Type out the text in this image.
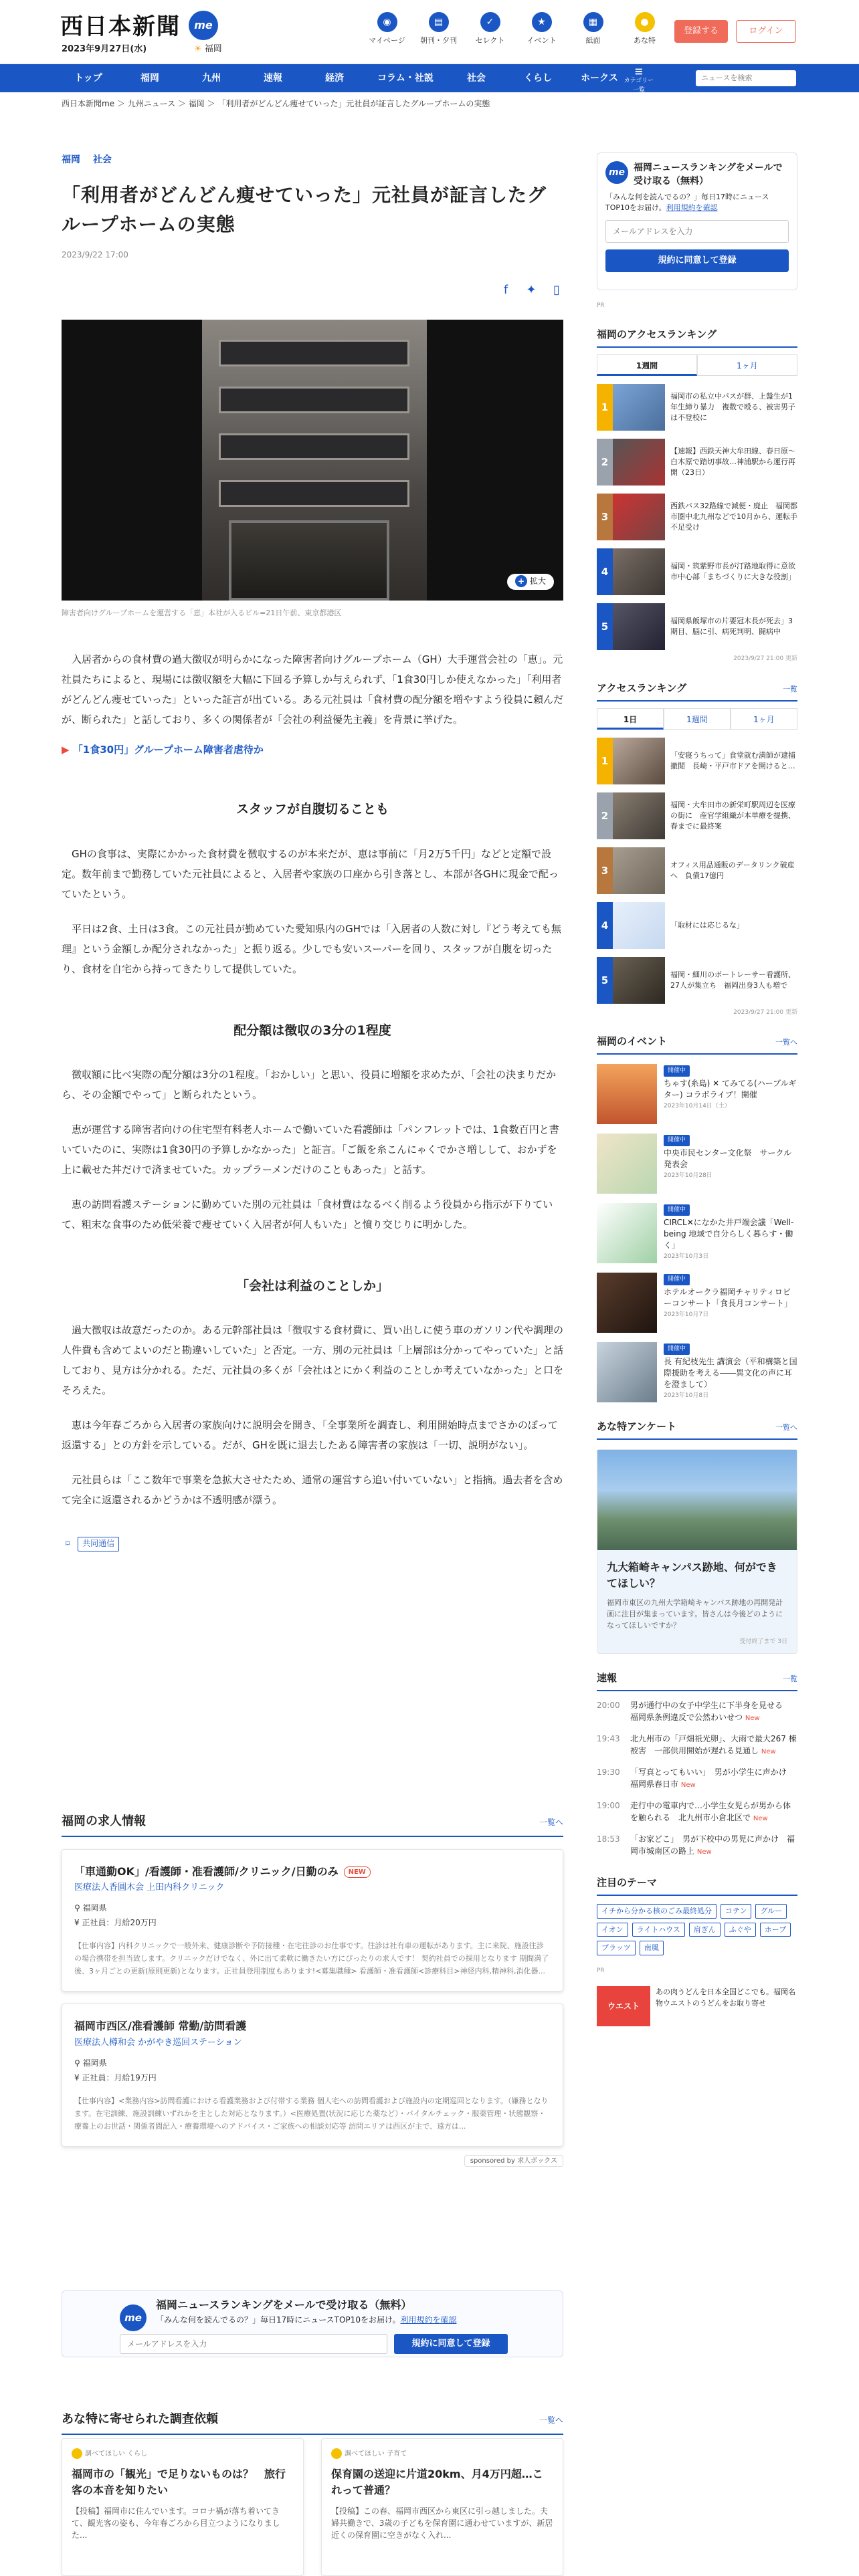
西日本新聞	me
2023年9月27日(水)	☀ 福岡
◉
マイページ
▤
朝刊・夕刊
✓
セレクト
★
イベント
▦
紙面
●
あな特
登録する	ログイン
トップ	福岡	九州	速報	経済	コラム・社説	社会	くらし	ホークス
≡
カテゴリー一覧
ニュースを検索
西日本新聞me ＞ 九州ニュース ＞ 福岡 ＞ 「利用者がどんどん痩せていった」元社員が証言したグループホームの実態
福岡 社会
「利用者がどんどん痩せていった」元社員が証言したグループホームの実態
2023/9/22 17:00
f	✦ ▯
+ 拡大
障害者向けグループホームを運営する「恵」本社が入るビル=21日午前、東京都港区

入居者からの食材費の過大徴収が明らかになった障害者向けグループホーム（GH）大手運営会社の「恵」。元社員たちによると、現場には徴収額を大幅に下回る予算しか与えられず、「1食30円しか使えなかった」「利用者がどんどん痩せていった」といった証言が出ている。ある元社員は「食材費の配分額を増やすよう役員に頼んだが、断られた」と話しており、多くの関係者が「会社の利益優先主義」を背景に挙げた。

▶ 「1食30円」グループホーム障害者虐待か
スタッフが自腹切ることも

GHの食事は、実際にかかった食材費を徴収するのが本来だが、恵は事前に「月2万5千円」などと定額で設定。数年前まで勤務していた元社員によると、入居者や家族の口座から引き落とし、本部が各GHに現金で配っていたという。

平日は2食、土日は3食。この元社員が勤めていた愛知県内のGHでは「入居者の人数に対し『どう考えても無理』という金額しか配分されなかった」と振り返る。少しでも安いスーパーを回り、スタッフが自腹を切ったり、食材を自宅から持ってきたりして提供していた。

配分額は徴収の3分の1程度

徴収額に比べ実際の配分額は3分の1程度。「おかしい」と思い、役員に増額を求めたが、「会社の決まりだから、その金額でやって」と断られたという。

恵が運営する障害者向けの住宅型有料老人ホームで働いていた看護師は「パンフレットでは、1食数百円と書いていたのに、実際は1食30円の予算しかなかった」と証言。「ご飯を糸こんにゃくでかさ増しして、おかずを上に載せた丼だけで済ませていた。カップラーメンだけのこともあった」と話す。

恵の訪問看護ステーションに勤めていた別の元社員は「食材費はなるべく削るよう役員から指示が下りていて、粗末な食事のため低栄養で痩せていく入居者が何人もいた」と憤り交じりに明かした。

「会社は利益のことしか」

過大徴収は故意だったのか。ある元幹部社員は「徴収する食材費に、買い出しに使う車のガソリン代や調理の人件費も含めてよいのだと勘違いしていた」と否定。一方、別の元社員は「上層部は分かってやっていた」と話しており、見方は分かれる。ただ、元社員の多くが「会社はとにかく利益のことしか考えていなかった」と口をそろえた。

恵は今年春ごろから入居者の家族向けに説明会を開き、「全事業所を調査し、利用開始時点までさかのぼって返還する」との方針を示している。だが、GHを既に退去したある障害者の家族は「一切、説明がない」。

元社員らは「ここ数年で事業を急拡大させたため、通常の運営すら追い付いていない」と指摘。過去者を含めて完全に返還されるかどうかは不透明感が漂う。

⌑ 共同通信
福岡の求人情報	一覧へ
「車通勤OK」/看護師・准看護師/クリニック/日勤のみ NEW
医療法人香圓木会 上田内科クリニック
⚲ 福岡県
¥ 正社員：月給20万円
【仕事内容】内科クリニックで一般外来、健康診断や予防接種・在宅往診のお仕事です。往診は社有車の運転があります。主に来院、施設往診の場合携帯を担当致します。クリニックだけでなく、外に出て柔軟に働きたい方にぴったりの求人です！ 契約社員での採用となります 期間満了後、3ヶ月ごとの更新(原則更新)となります。正社員登用制度もあります!<募集職種> 看護師・准看護師<診療科目>神経内科,精神科,消化器...
福岡市西区/准看護師 常勤/訪問看護
医療法人樽和会 かがやき巡回ステーション
⚲ 福岡県
¥ 正社員：月給19万円
【仕事内容】<業務内容>訪問看護における看護業務および付帯する業務 個人宅への訪問看護および施設内の定期巡回となります。（嫌務となります。在宅訓練、施設訓練いずれかを主とした対応となります。）<医療処置(状況に応じた薬など）・バイタルチェック・服薬管理・状態観察・療養上のお世話・関係者間記入・療養環境へのアドバイス・ご家族への相談対応等 訪問エリアは西区が主で、遠方は...
sponsored by 求人ボックス
me
福岡ニュースランキングをメールで受け取る（無料）
「みんな何を読んでるの？」毎日17時にニュースTOP10をお届け。利用規約を確認
メールアドレスを入力
規約に同意して登録
あな特に寄せられた調査依頼	一覧へ
調べてほしい くらし
福岡市の「観光」で足りないものは？　旅行客の本音を知りたい

【投稿】福岡市に住んでいます。コロナ禍が落ち着いてきて、観光客の姿も、今年春ごろから目立つようになりました...

調べてほしい 子育て
保育園の送迎に片道20km、月4万円超…これって普通？

【投稿】この春、福岡市西区から東区に引っ越しました。夫婦共働きで、3歳の子どもを保育園に通わせていますが、新居近くの保育園に空きがなく入れ...

me 福岡ニュースランキングをメールで受け取る（無料）
「みんな何を読んでるの？」毎日17時にニュースTOP10をお届け。利用規約を確認
メールアドレスを入力
規約に同意して登録
PR
福岡のアクセスランキング
1週間	1ヶ月
1
福岡市の私立中パスが群、上盤生が1年生締り暴力　複数で殴る、被害男子は不登校に
2
【速報】西鉄天神大牟田線、春日原～白木原で踏切事故…神浦駅から運行再開（23日）
3
西鉄バス32路線で減便・廃止　福岡都市圏中北九州などで10月から、運転手不足受け
4	福岡・筑紫野市長が汀路地取得に意欲　市中心部「まちづくりに大きな役割」
5	福岡県飯塚市の片要冠木長が死去」3期目、脳に引、病死判明、闘病中
2023/9/27 21:00 更新
アクセスランキング	一覧
1日	1週間	1ヶ月
1	「安寝うちって」食堂就む満師が逮捕撤閲　長崎・平戸市ドアを開けると…
2
福岡・大牟田市の新栄町駅周辺を医療の街に　産官学組織が本単療を提携、春までに最終案
3	オフィス用品通販のデータリンク破産へ　負債17億円
4	「取材には応じるな」
5	福岡・細川のボートレーサー看護所、27人が集立ち　福岡出身3人も増で
2023/9/27 21:00 更新
福岡のイベント	一覧へ
開催中
ちゃす(糸島) ✕ てみてる(ハーブルギター) コラボライブ！開催
2023年10月14日（土）
開催中
中央市民センター文化祭　サークル発表会
2023年10月28日
開催中
CIRCL✕になかた井戸端会議「Well-being 地域で自分らしく暮らす・働く」
2023年10月3日
開催中
ホテルオークラ福岡チャリティロビーコンサート「食長月コンサート」
2023年10月7日
開催中
長 有紀枝先生 講演会（平和構築と国際援助を考える――異文化の声に耳を澄まして）
2023年10月8日
あな特アンケート	一覧へ
九大箱崎キャンパス跡地、何ができてほしい？

福岡市東区の九州大学箱崎キャンパス跡地の再開発計画に注目が集まっています。皆さんは今後どのようになってほしいですか？

受付終了まで 3日

速報	一覧
20:00	男が通行中の女子中学生に下半身を見せる　福岡県条例違反で公然わいせつ New
19:43	北九州市の「戸畑祇光卵」、大雨で最大267 棟被害　一部供用開始が遅れる見通し New
19:30	「写真とってもいい」　男が小学生に声かけ　福岡県春日市 New
19:00	走行中の電車内で…小学生女児らが男から体を触られる　北九州市小倉北区で New
18:53	「お家どこ」　男が下校中の男児に声かけ　福岡市城南区の路上 New
注目のテーマ
イチから分かる核のごみ最終処分	コテン	グルー
イオン	ライトハウス	肩ぎん	ふぐや	ホープ
ブラッツ	南風
PR
ウエスト
あの肉うどんを日本全国どこでも。福岡名物ウエストのうどんをお取り寄せ
